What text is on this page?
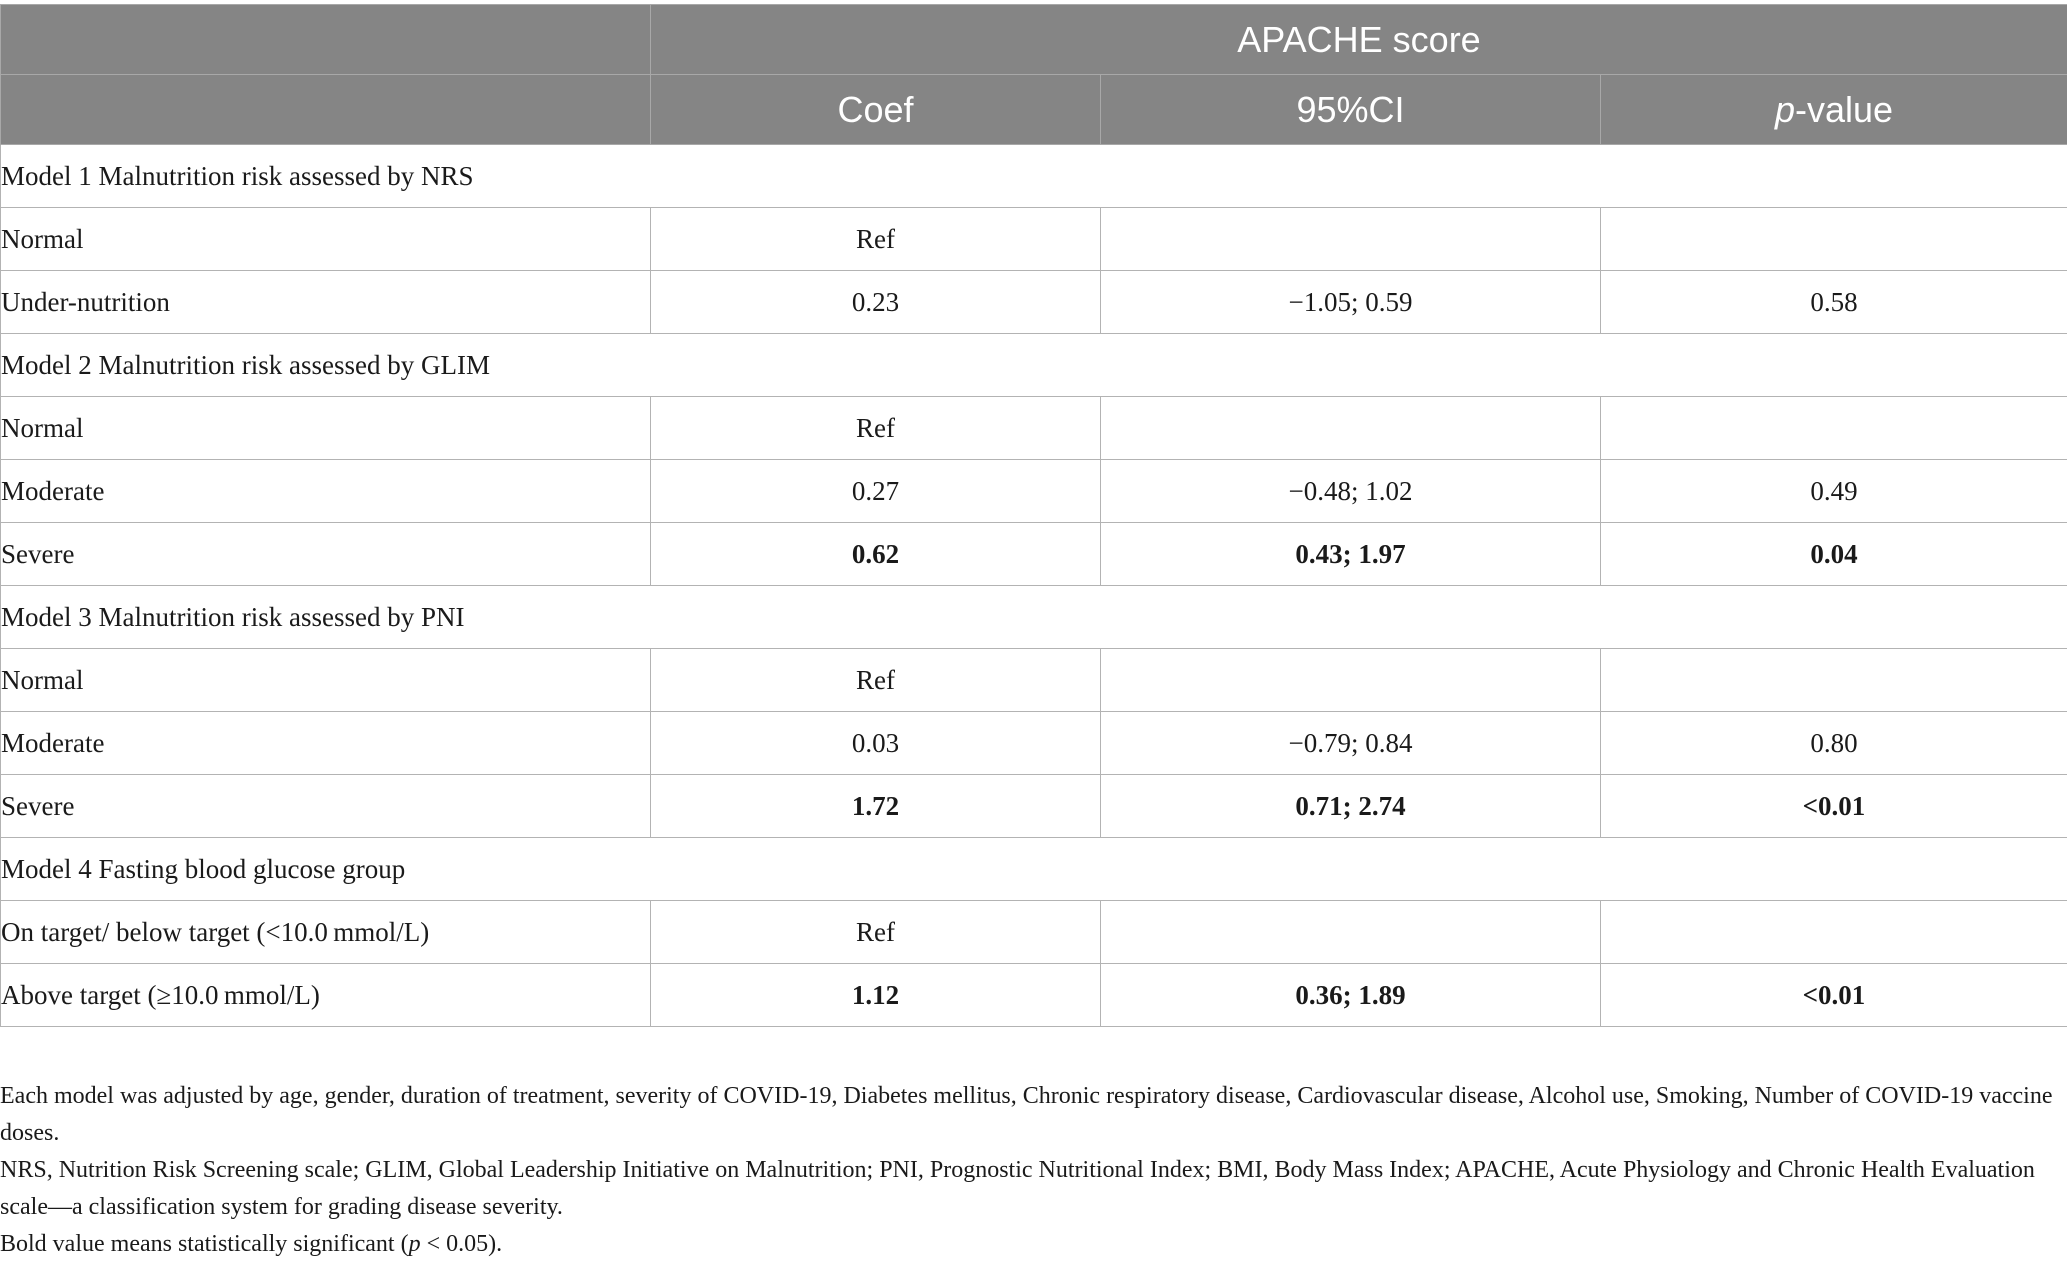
	APACHE score		
	Coef	95%CI	p-value
Model 1 Malnutrition risk assessed by NRS			
Normal	Ref		
Under-nutrition	0.23	−1.05; 0.59	0.58
Model 2 Malnutrition risk assessed by GLIM			
Normal	Ref		
Moderate	0.27	−0.48; 1.02	0.49
Severe	0.62	0.43; 1.97	0.04
Model 3 Malnutrition risk assessed by PNI			
Normal	Ref		
Moderate	0.03	−0.79; 0.84	0.80
Severe	1.72	0.71; 2.74	<0.01
Model 4 Fasting blood glucose group			
On target/ below target (<10.0 mmol/L)	Ref		
Above target (≥10.0 mmol/L)	1.12	0.36; 1.89	<0.01

Each model was adjusted by age, gender, duration of treatment, severity of COVID-19, Diabetes mellitus, Chronic respiratory disease, Cardiovascular disease, Alcohol use, Smoking, Number of COVID-19 vaccine doses.

NRS, Nutrition Risk Screening scale; GLIM, Global Leadership Initiative on Malnutrition; PNI, Prognostic Nutritional Index; BMI, Body Mass Index; APACHE, Acute Physiology and Chronic Health Evaluation scale—a classification system for grading disease severity.

Bold value means statistically significant (p < 0.05).
